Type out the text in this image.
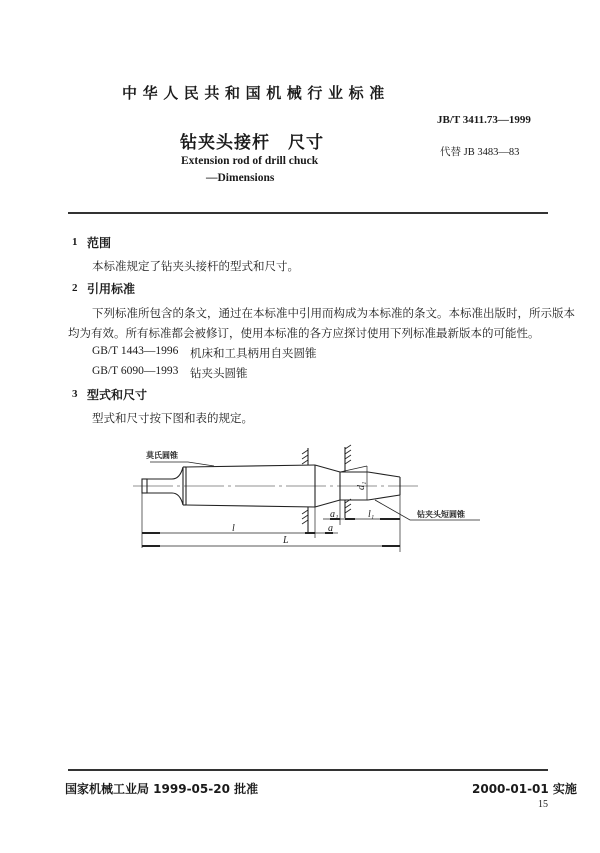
中华人民共和国机械行业标准
JB/T 3411.73—1999
钻夹头接杆　尺寸	代替 JB 3483—83
Extension rod of drill chuck
—Dimensions
1 范围
本标准规定了钻夹头接杆的型式和尺寸。
2 引用标准
下列标准所包含的条文，通过在本标准中引用而构成为本标准的条文。本标准出版时，所示版本
均为有效。所有标准都会被修订，使用本标准的各方应探讨使用下列标准最新版本的可能性。
GB/T 1443—1996 机床和工具柄用自夹圆锥
GB/T 6090—1993 钻夹头圆锥
3 型式和尺寸
型式和尺寸按下图和表的规定。
l
L
a
a₁	l₁
d₁
莫氏圆锥
钻夹头短圆锥
国家机械工业局 1999-05-20 批准	2000-01-01 实施
15
